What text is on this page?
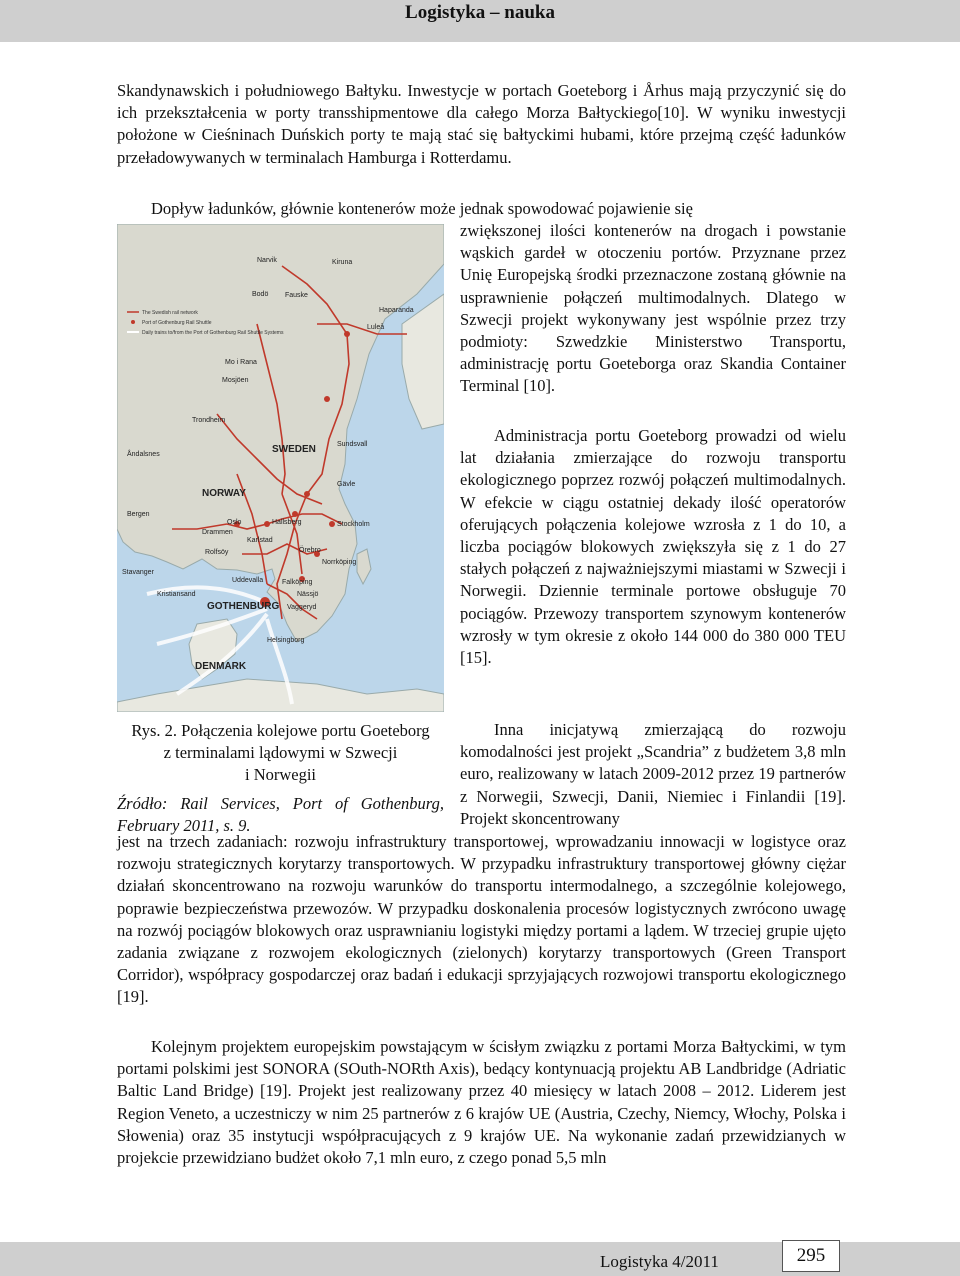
Logistyka – nauka

Skandynawskich i południowego Bałtyku. Inwestycje w portach Goeteborg i Århus mają przyczynić się do ich przekształcenia w porty transshipmentowe dla całego Morza Bałtyckiego[10]. W wyniku inwestycji położone w Cieśninach Duńskich porty te mają stać się bałtyckimi hubami, które przejmą część ładunków przeładowywanych w terminalach Hamburga i Rotterdamu.

Dopływ ładunków, głównie kontenerów może jednak spowodować pojawienie się

zwiększonej ilości kontenerów na drogach i powstanie wąskich gardeł w otoczeniu portów. Przyznane przez Unię Europejską środki przeznaczone zostaną głównie na usprawnienie połączeń multimodalnych. Dlatego w Szwecji projekt wykonywany jest wspólnie przez trzy podmioty: Szwedzkie Ministerstwo Transportu, administrację portu Goeteborga oraz Skandia Container Terminal [10].

Administracja portu Goeteborg prowadzi od wielu lat działania zmierzające do rozwoju transportu ekologicznego poprzez rozwój połączeń multimodalnych. W efekcie w ciągu ostatniej dekady ilość operatorów oferujących połączenia kolejowe wzrosła z 1 do 10, a liczba pociągów blokowych zwiększyła się z 1 do 27 stałych połączeń z najważniejszymi miastami w Szwecji i Norwegii. Dziennie terminale portowe obsługuje 70 pociągów. Przewozy transportem szynowym kontenerów wzrosły w tym okresie z około 144 000 do 380 000 TEU [15].

Inna inicjatywą zmierzającą do rozwoju komodalności jest projekt „Scandria” z budżetem 3,8 mln euro, realizowany w latach 2009-2012 przez 19 partnerów z Norwegii, Szwecji, Danii, Niemiec i Finlandii [19]. Projekt skoncentrowany

jest na trzech zadaniach: rozwoju infrastruktury transportowej, wprowadzaniu innowacji w logistyce oraz rozwoju strategicznych korytarzy transportowych. W przypadku infrastruktury transportowej główny ciężar działań skoncentrowano na rozwoju warunków do transportu intermodalnego, a szczególnie kolejowego, poprawie bezpieczeństwa przewozów. W przypadku doskonalenia procesów logistycznych zwrócono uwagę na rozwój pociągów blokowych oraz usprawnianiu logistyki między portami a lądem. W trzeciej grupie ujęto zadania związane z rozwojem ekologicznych (zielonych) korytarzy transportowych (Green Transport Corridor), współpracy gospodarczej oraz badań i edukacji sprzyjających rozwojowi transportu ekologicznego [19].

Kolejnym projektem europejskim powstającym w ścisłym związku z portami Morza Bałtyckimi, w tym portami polskimi jest SONORA (SOuth-NORth Axis), bedący kontynuacją projektu AB Landbridge (Adriatic Baltic Land Bridge) [19]. Projekt jest realizowany przez 40 miesięcy w latach 2008 – 2012. Liderem jest Region Veneto, a uczestniczy w nim 25 partnerów z 6 krajów UE (Austria, Czechy, Niemcy, Włochy, Polska i Słowenia) oraz 35 instytucji współpracujących z 9 krajów UE. Na wykonanie zadań przewidzianych w projekcie przewidziano budżet około 7,1 mln euro, z czego ponad 5,5 mln

The Swedish rail network
Port of Gothenburg Rail Shuttle
Daily trains to/from the Port of Gothenburg Rail Shuttle Systems
Narvik	Kiruna
Bodö Fauske
Haparanda
Luleå
Mo i Rana
Mosjöen
Trondheim
Åndalsnes
Sundsvall
Gävle
Stockholm
Norrköping
Bergen
Stavanger
Oslo
Drammen
Rolfsöy
Karlstad
Hallsberg
Örebro
Falköping
Nässjö
Vaggeryd
Uddevalla
Kristiansand
Helsingborg
SWEDEN
NORWAY
GOTHENBURG
DENMARK
Rys. 2. Połączenia kolejowe portu Goeteborg
z terminalami lądowymi w Szwecji
i Norwegii
Źródło: Rail Services, Port of Gothenburg, February 2011, s. 9.
Logistyka 4/2011	295
